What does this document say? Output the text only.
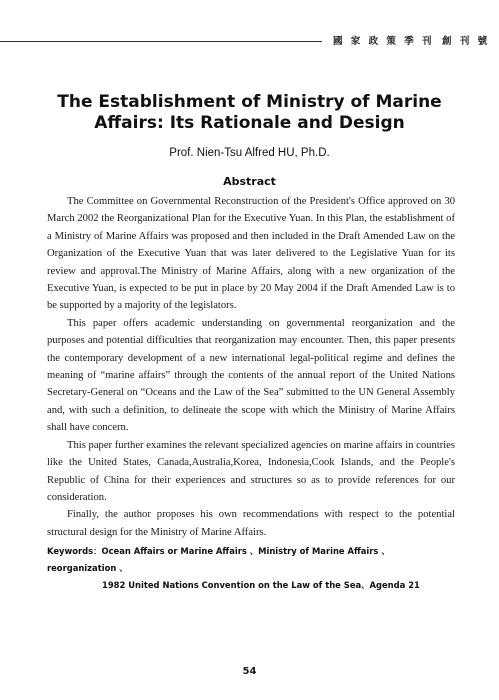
國 家 政 策 季 刊 創 刊 號
The Establishment of Ministry of Marine
Affairs: Its Rationale and Design
Prof. Nien-Tsu Alfred HU, Ph.D.
Abstract

The Committee on Governmental Reconstruction of the President's Office approved on 30 March 2002 the Reorganizational Plan for the Executive Yuan. In this Plan, the establishment of a Ministry of Marine Affairs was proposed and then included in the Draft Amended Law on the Organization of the Executive Yuan that was later delivered to the Legislative Yuan for its review and approval.The Ministry of Marine Affairs, along with a new organization of the Executive Yuan, is expected to be put in place by 20 May 2004 if the Draft Amended Law is to be supported by a majority of the legislators.

This paper offers academic understanding on governmental reorganization and the purposes and potential difficulties that reorganization may encounter. Then, this paper presents the contemporary development of a new international legal-political regime and defines the meaning of “marine affairs” through the contents of the annual report of the United Nations Secretary-General on “Oceans and the Law of the Sea” submitted to the UN General Assembly and, with such a definition, to delineate the scope with which the Ministry of Marine Affairs shall have concern.

This paper further examines the relevant specialized agencies on marine affairs in countries like the United States, Canada,Australia,Korea, Indonesia,Cook Islands, and the People's Republic of China for their experiences and structures so as to provide references for our consideration.

Finally, the author proposes his own recommendations with respect to the potential structural design for the Ministry of Marine Affairs.

Keywords：Ocean Affairs or Marine Affairs 、Ministry of Marine Affairs 、reorganization 、
1982 United Nations Convention on the Law of the Sea、Agenda 21
54
